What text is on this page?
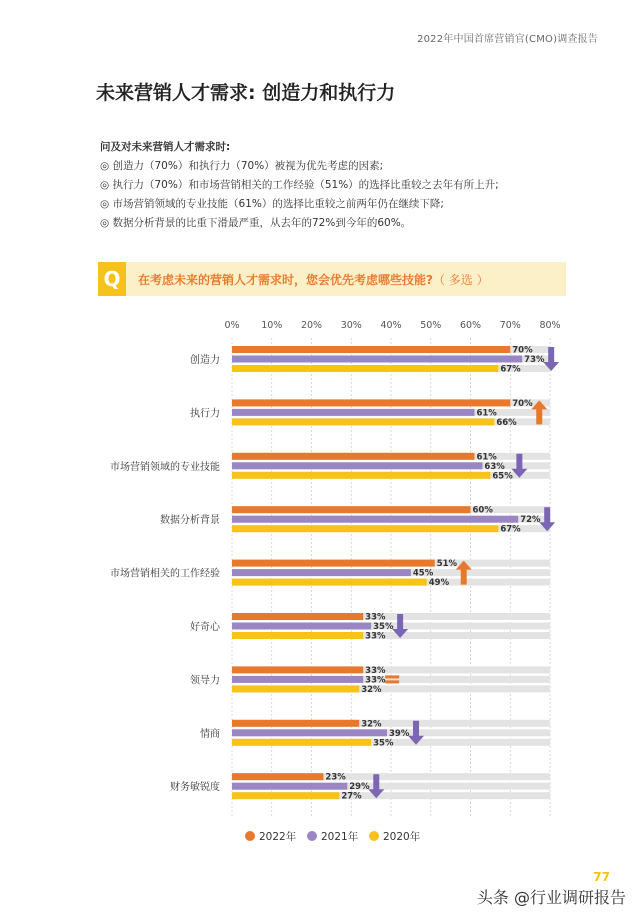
2022年中国首席营销官(CMO)调查报告
未来营销人才需求: 创造力和执行力
问及对未来营销人才需求时:
◎ 创造力（70%）和执行力（70%）被视为优先考虑的因素;
◎ 执行力（70%）和市场营销相关的工作经验（51%）的选择比重较之去年有所上升;
◎ 市场营销领域的专业技能（61%）的选择比重较之前两年仍在继续下降;
◎ 数据分析背景的比重下滑最严重，从去年的72%到今年的60%。
Q	在考虑未来的营销人才需求时，您会优先考虑哪些技能?（ 多选 ）
0% 10% 20% 30% 40% 50% 60% 70% 80%
创造力
70%
73%
67%
执行力
70%
61%
66%
市场营销领域的专业技能
61%
63%
65%
数据分析背景
60%
72%
67%
市场营销相关的工作经验
51%
45%
49%
好奇心
33%
35%
33%
领导力
33%
33%
32%
情商
32%
39%
35%
财务敏锐度
23%
29%
27%
2022年 2021年 2020年
77
头条 @行业调研报告
